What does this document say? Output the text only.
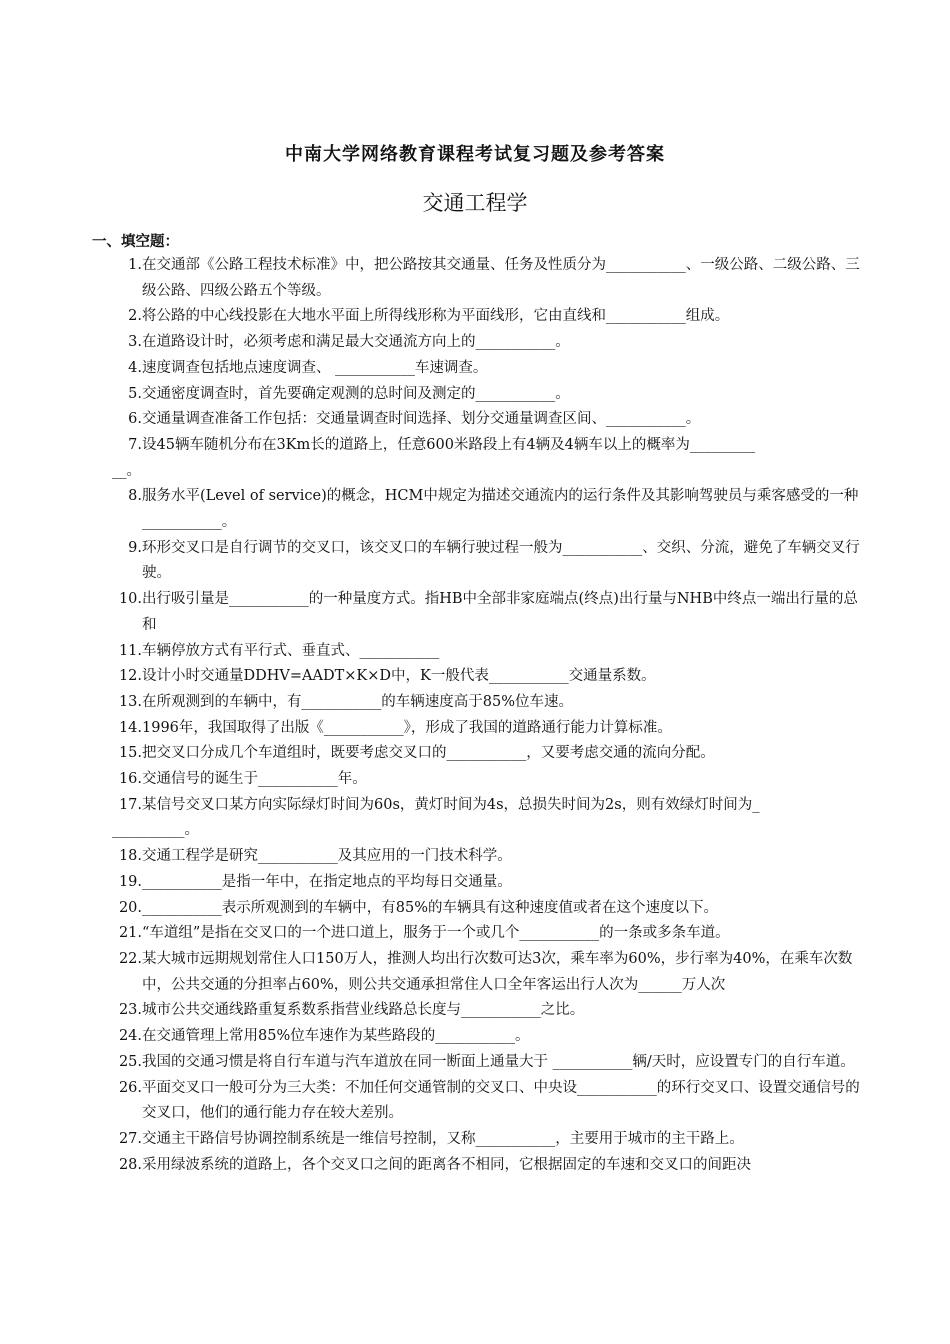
中南大学网络教育课程考试复习题及参考答案
交通工程学
一、填空题：
1. 在交通部《公路工程技术标准》中，把公路按其交通量、任务及性质分为___________、一级公路、二级公路、三级公路、四级公路五个等级。
2. 将公路的中心线投影在大地水平面上所得线形称为平面线形，它由直线和___________组成。
3. 在道路设计时，必须考虑和满足最大交通流方向上的___________。
4. 速度调查包括地点速度调查、 ___________车速调查。
5. 交通密度调查时，首先要确定观测的总时间及测定的___________。
6. 交通量调查准备工作包括：交通量调查时间选择、划分交通量调查区间、___________。
7. 设45辆车随机分布在3Km长的道路上，任意600米路段上有4辆及4辆车以上的概率为_________
__。
8. 服务水平(Level of service)的概念，HCM中规定为描述交通流内的运行条件及其影响驾驶员与乘客感受的一种___________。
9. 环形交叉口是自行调节的交叉口，该交叉口的车辆行驶过程一般为___________、交织、分流，避免了车辆交叉行驶。
10. 出行吸引量是___________的一种量度方式。指HB中全部非家庭端点(终点)出行量与NHB中终点一端出行量的总和
11. 车辆停放方式有平行式、垂直式、___________
12. 设计小时交通量DDHV=AADT×K×D中，K一般代表___________交通量系数。
13. 在所观测到的车辆中，有___________的车辆速度高于85%位车速。
14. 1996年，我国取得了出版《___________》，形成了我国的道路通行能力计算标准。
15. 把交叉口分成几个车道组时，既要考虑交叉口的___________，又要考虑交通的流向分配。
16. 交通信号的诞生于___________年。
17. 某信号交叉口某方向实际绿灯时间为60s，黄灯时间为4s，总损失时间为2s，则有效绿灯时间为_
__________。
18. 交通工程学是研究___________及其应用的一门技术科学。
19. ___________是指一年中，在指定地点的平均每日交通量。
20. ___________表示所观测到的车辆中，有85%的车辆具有这种速度值或者在这个速度以下。
21. “车道组”是指在交叉口的一个进口道上，服务于一个或几个___________的一条或多条车道。
22. 某大城市远期规划常住人口150万人，推测人均出行次数可达3次，乘车率为60%，步行率为40%，在乘车次数中，公共交通的分担率占60%，则公共交通承担常住人口全年客运出行人次为______万人次
23. 城市公共交通线路重复系数系指营业线路总长度与___________之比。
24. 在交通管理上常用85%位车速作为某些路段的___________。
25. 我国的交通习惯是将自行车道与汽车道放在同一断面上通量大于 ___________辆/天时，应设置专门的自行车道。
26. 平面交叉口一般可分为三大类：不加任何交通管制的交叉口、中央设___________的环行交叉口、设置交通信号的交叉口，他们的通行能力存在较大差别。
27. 交通主干路信号协调控制系统是一维信号控制，又称___________，主要用于城市的主干路上。
28. 采用绿波系统的道路上，各个交叉口之间的距离各不相同，它根据固定的车速和交叉口的间距决
